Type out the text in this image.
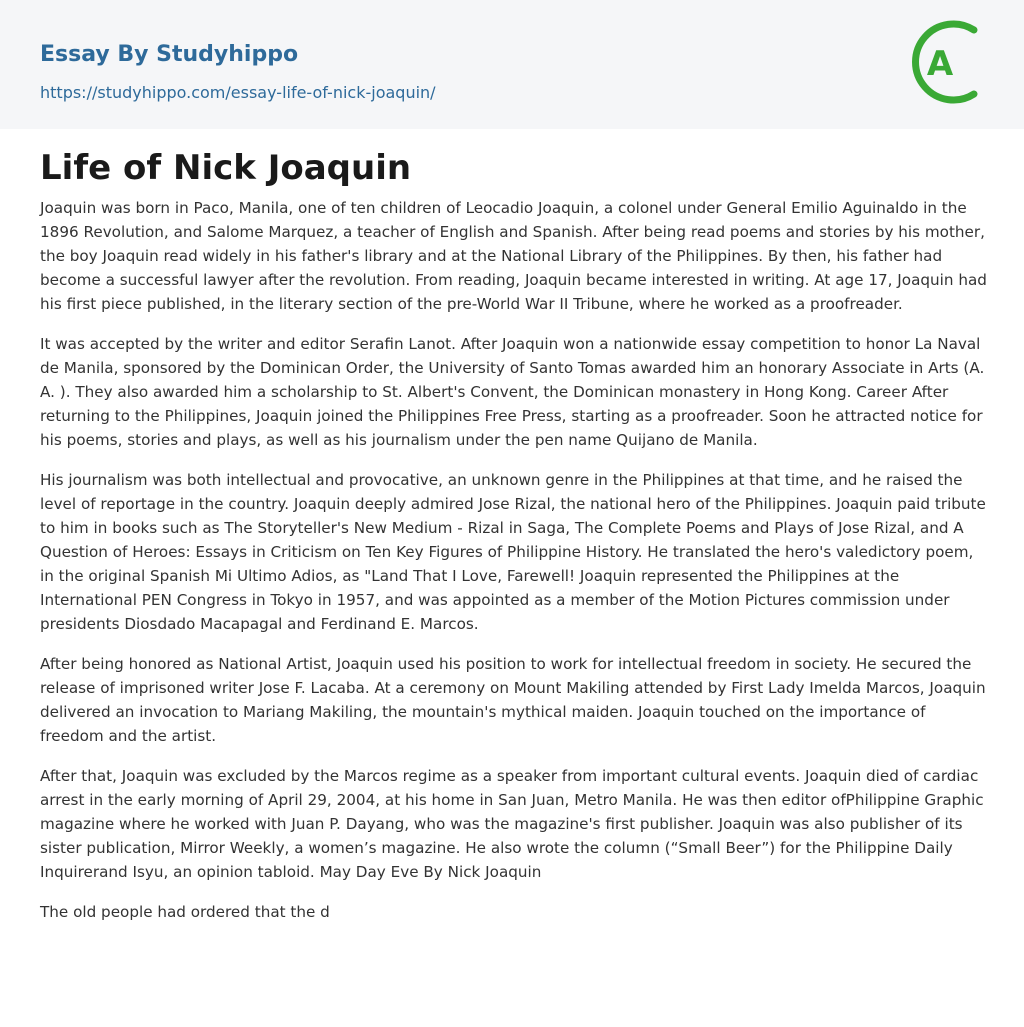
Essay By Studyhippo
https://studyhippo.com/essay-life-of-nick-joaquin/
A
Life of Nick Joaquin

Joaquin was born in Paco, Manila, one of ten children of Leocadio Joaquin, a colonel under General Emilio Aguinaldo in the 1896 Revolution, and Salome Marquez, a teacher of English and Spanish. After being read poems and stories by his mother, the boy Joaquin read widely in his father's library and at the National Library of the Philippines. By then, his father had become a successful lawyer after the revolution. From reading, Joaquin became interested in writing. At age 17, Joaquin had his first piece published, in the literary section of the pre-World War II Tribune, where he worked as a proofreader.

It was accepted by the writer and editor Serafin Lanot. After Joaquin won a nationwide essay competition to honor La Naval de Manila, sponsored by the Dominican Order, the University of Santo Tomas awarded him an honorary Associate in Arts (A. A. ). They also awarded him a scholarship to St. Albert's Convent, the Dominican monastery in Hong Kong. Career After returning to the Philippines, Joaquin joined the Philippines Free Press, starting as a proofreader. Soon he attracted notice for his poems, stories and plays, as well as his journalism under the pen name Quijano de Manila.

His journalism was both intellectual and provocative, an unknown genre in the Philippines at that time, and he raised the level of reportage in the country. Joaquin deeply admired Jose Rizal, the national hero of the Philippines. Joaquin paid tribute to him in books such as The Storyteller's New Medium - Rizal in Saga, The Complete Poems and Plays of Jose Rizal, and A Question of Heroes: Essays in Criticism on Ten Key Figures of Philippine History. He translated the hero's valedictory poem, in the original Spanish Mi Ultimo Adios, as "Land That I Love, Farewell! Joaquin represented the Philippines at the International PEN Congress in Tokyo in 1957, and was appointed as a member of the Motion Pictures commission under presidents Diosdado Macapagal and Ferdinand E. Marcos.

After being honored as National Artist, Joaquin used his position to work for intellectual freedom in society. He secured the release of imprisoned writer Jose F. Lacaba. At a ceremony on Mount Makiling attended by First Lady Imelda Marcos, Joaquin delivered an invocation to Mariang Makiling, the mountain's mythical maiden. Joaquin touched on the importance of freedom and the artist.

After that, Joaquin was excluded by the Marcos regime as a speaker from important cultural events. Joaquin died of cardiac arrest in the early morning of April 29, 2004, at his home in San Juan, Metro Manila. He was then editor ofPhilippine Graphic magazine where he worked with Juan P. Dayang, who was the magazine's first publisher. Joaquin was also publisher of its sister publication, Mirror Weekly, a women’s magazine. He also wrote the column (“Small Beer”) for the Philippine Daily Inquirerand Isyu, an opinion tabloid. May Day Eve By Nick Joaquin

The old people had ordered that the d
